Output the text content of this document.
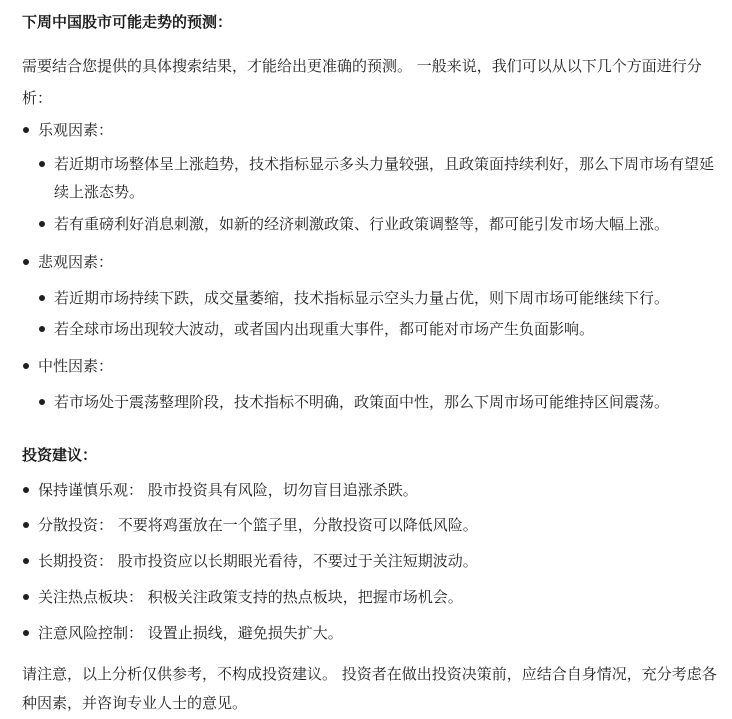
下周中国股市可能走势的预测：
需要结合您提供的具体搜索结果，才能给出更准确的预测。 一般来说，我们可以从以下几个方面进行分析：
乐观因素：
若近期市场整体呈上涨趋势，技术指标显示多头力量较强，且政策面持续利好，那么下周市场有望延续上涨态势。
若有重磅利好消息刺激，如新的经济刺激政策、行业政策调整等，都可能引发市场大幅上涨。
悲观因素：
若近期市场持续下跌，成交量萎缩，技术指标显示空头力量占优，则下周市场可能继续下行。
若全球市场出现较大波动，或者国内出现重大事件，都可能对市场产生负面影响。
中性因素：
若市场处于震荡整理阶段，技术指标不明确，政策面中性，那么下周市场可能维持区间震荡。
投资建议：
保持谨慎乐观： 股市投资具有风险，切勿盲目追涨杀跌。
分散投资： 不要将鸡蛋放在一个篮子里，分散投资可以降低风险。
长期投资： 股市投资应以长期眼光看待，不要过于关注短期波动。
关注热点板块： 积极关注政策支持的热点板块，把握市场机会。
注意风险控制： 设置止损线，避免损失扩大。
请注意，以上分析仅供参考，不构成投资建议。 投资者在做出投资决策前，应结合自身情况，充分考虑各种因素，并咨询专业人士的意见。
